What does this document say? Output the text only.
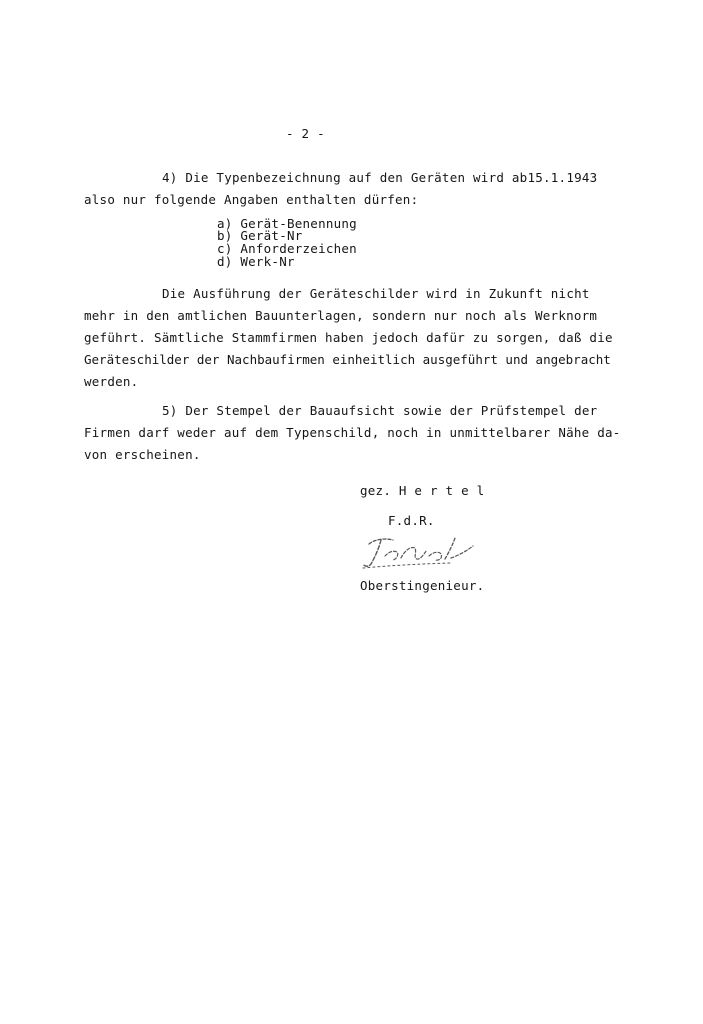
- 2 -
4) Die Typenbezeichnung auf den Geräten wird ab15.1.1943
also nur folgende Angaben enthalten dürfen:
a) Gerät-Benennung
b) Gerät-Nr
c) Anforderzeichen
d) Werk-Nr
Die Ausführung der Geräteschilder wird in Zukunft nicht
mehr in den amtlichen Bauunterlagen, sondern nur noch als Werknorm
geführt. Sämtliche Stammfirmen haben jedoch dafür zu sorgen, daß die
Geräteschilder der Nachbaufirmen einheitlich ausgeführt und angebracht
werden.
5) Der Stempel der Bauaufsicht sowie der Prüfstempel der
Firmen darf weder auf dem Typenschild, noch in unmittelbarer Nähe da-
von erscheinen.
gez. H e r t e l
F.d.R.
Oberstingenieur.
